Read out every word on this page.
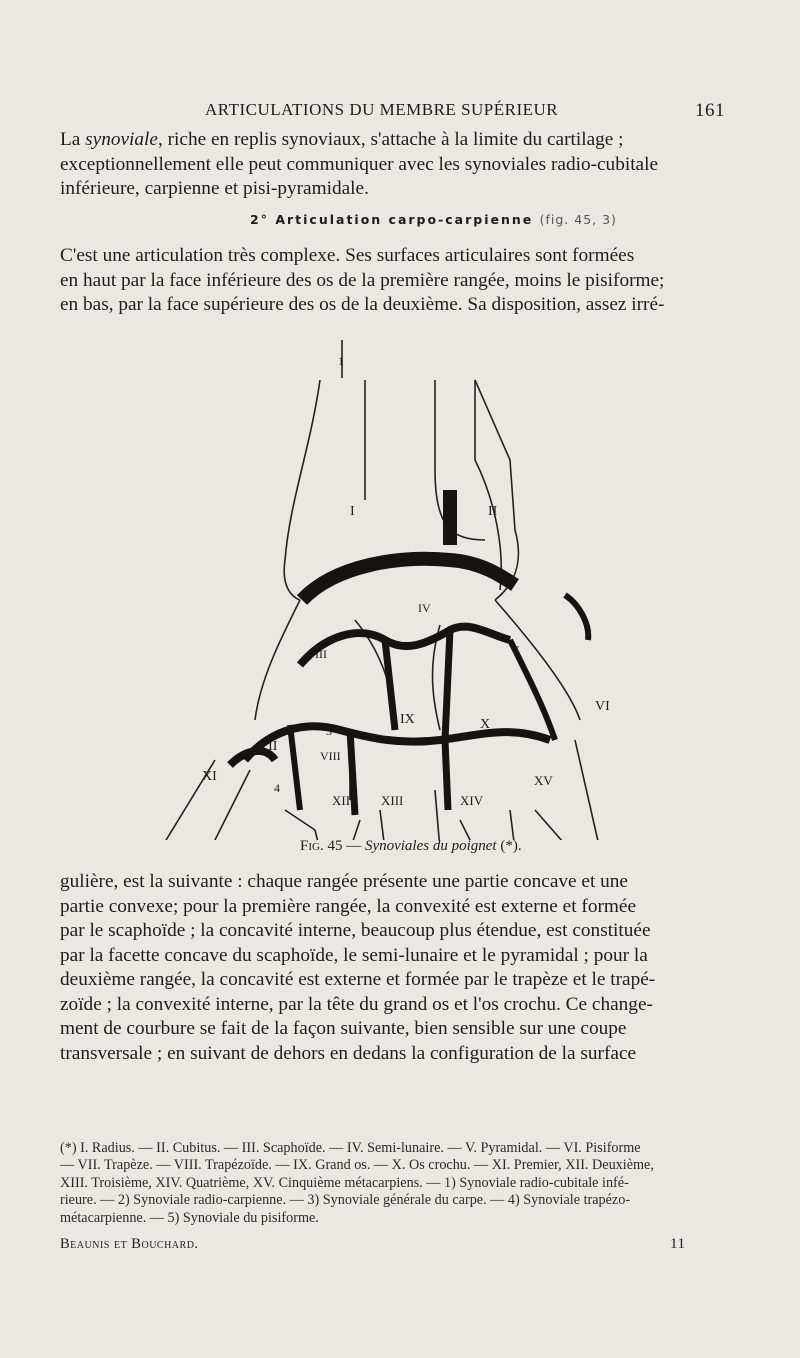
ARTICULATIONS DU MEMBRE SUPÉRIEUR	161
La synoviale, riche en replis synoviaux, s'attache à la limite du cartilage ;
exceptionnellement elle peut communiquer avec les synoviales radio-cubitale
inférieure, carpienne et pisi-pyramidale.
2° Articulation carpo-carpienne (fig. 45, 3)
C'est une articulation très complexe. Ses surfaces articulaires sont formées
en haut par la face inférieure des os de la première rangée, moins le pisiforme;
en bas, par la face supérieure des os de la deuxième. Sa disposition, assez irré-
1
I	II
2
IV
III	V
VI
IX	X
VII
VIII
3
XI
4
XII XIII	XIV
XV
Fig. 45 — Synoviales du poignet (*).
gulière, est la suivante : chaque rangée présente une partie concave et une
partie convexe; pour la première rangée, la convexité est externe et formée
par le scaphoïde ; la concavité interne, beaucoup plus étendue, est constituée
par la facette concave du scaphoïde, le semi-lunaire et le pyramidal ; pour la
deuxième rangée, la concavité est externe et formée par le trapèze et le trapé-
zoïde ; la convexité interne, par la tête du grand os et l'os crochu. Ce change-
ment de courbure se fait de la façon suivante, bien sensible sur une coupe
transversale ; en suivant de dehors en dedans la configuration de la surface
(*) I. Radius. — II. Cubitus. — III. Scaphoïde. — IV. Semi-lunaire. — V. Pyramidal. — VI. Pisiforme
— VII. Trapèze. — VIII. Trapézoïde. — IX. Grand os. — X. Os crochu. — XI. Premier, XII. Deuxième,
XIII. Troisième, XIV. Quatrième, XV. Cinquième métacarpiens. — 1) Synoviale radio-cubitale infé-
rieure. — 2) Synoviale radio-carpienne. — 3) Synoviale générale du carpe. — 4) Synoviale trapézo-
métacarpienne. — 5) Synoviale du pisiforme.
Beaunis et Bouchard.	11
